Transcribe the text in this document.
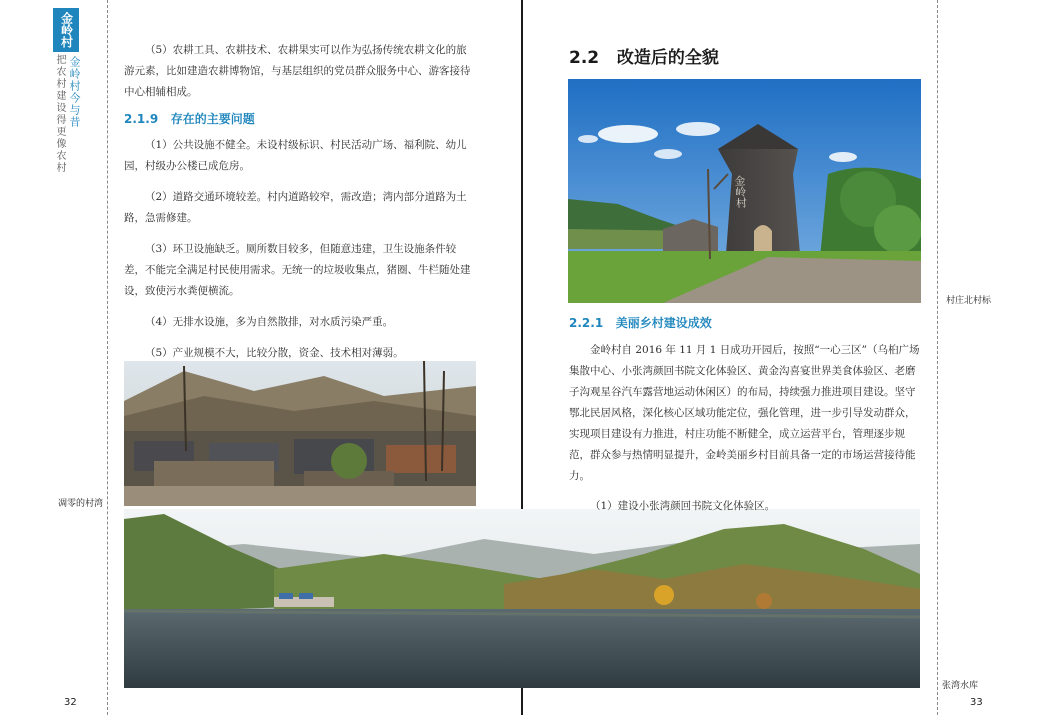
金岭村
金岭村今与昔
把农村建设得更像农村

（5）农耕工具、农耕技术、农耕果实可以作为弘扬传统农耕文化的旅游元素，比如建造农耕博物馆，与基层组织的党员群众服务中心、游客接待中心相辅相成。

2.1.9 存在的主要问题

（1）公共设施不健全。未设村级标识、村民活动广场、福利院、幼儿园，村级办公楼已成危房。

（2）道路交通环境较差。村内道路较窄，需改造；湾内部分道路为土路，急需修建。

（3）环卫设施缺乏。厕所数目较多，但随意违建，卫生设施条件较差，不能完全满足村民使用需求。无统一的垃圾收集点，猪圈、牛栏随处建设，致使污水粪便横流。

（4）无排水设施，多为自然散排，对水质污染严重。

（5）产业规模不大，比较分散，资金、技术相对薄弱。

凋零的村湾
32
2.2 改造后的全貌
金岭村
村庄北村标
2.2.1 美丽乡村建设成效

金岭村自 2016 年 11 月 1 日成功开园后，按照“一心三区”（乌桕广场集散中心、小张湾颜回书院文化体验区、黄金沟喜宴世界美食体验区、老磨子沟观星谷汽车露营地运动休闲区）的布局，持续强力推进项目建设。坚守鄂北民居风格，深化核心区域功能定位，强化管理，进一步引导发动群众，实现项目建设有力推进，村庄功能不断健全，成立运营平台，管理逐步规范，群众参与热情明显提升，金岭美丽乡村目前具备一定的市场运营接待能力。

（1）建设小张湾颜回书院文化体验区。

张湾水库
33
